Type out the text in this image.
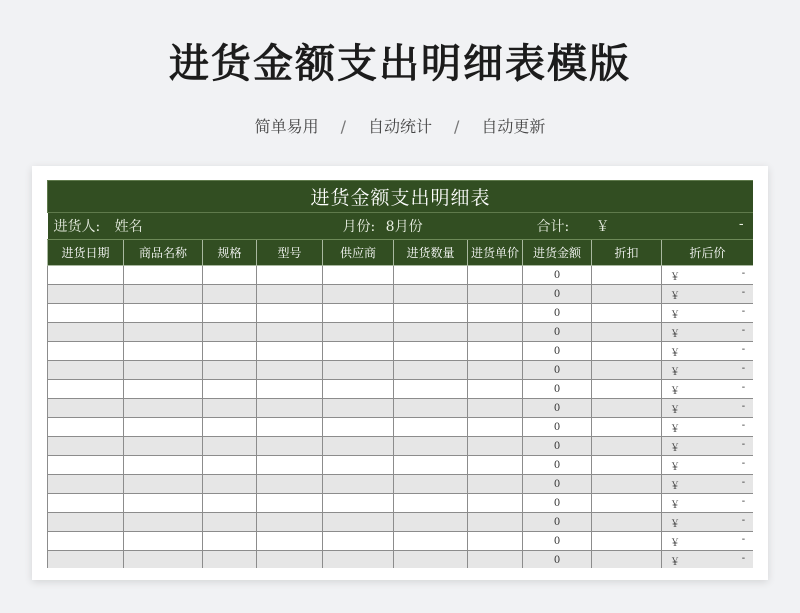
进货金额支出明细表模版
简单易用 / 自动统计 / 自动更新
进货金额支出明细表									
进货人: 姓名				月份: 8月份			合计: ￥ -		

进货日期	商品名称	规格	型号	供应商	进货数量	进货单价	进货金额	折扣	折后价
							0		￥ -

							0		￥ -

							0		￥ -

							0		￥ -

							0		￥ -

							0		￥ -

							0		￥ -

							0		￥ -

							0		￥ -

							0		￥ -

							0		￥ -

							0		￥ -

							0		￥ -

							0		￥ -

							0		￥ -

							0		￥ -
